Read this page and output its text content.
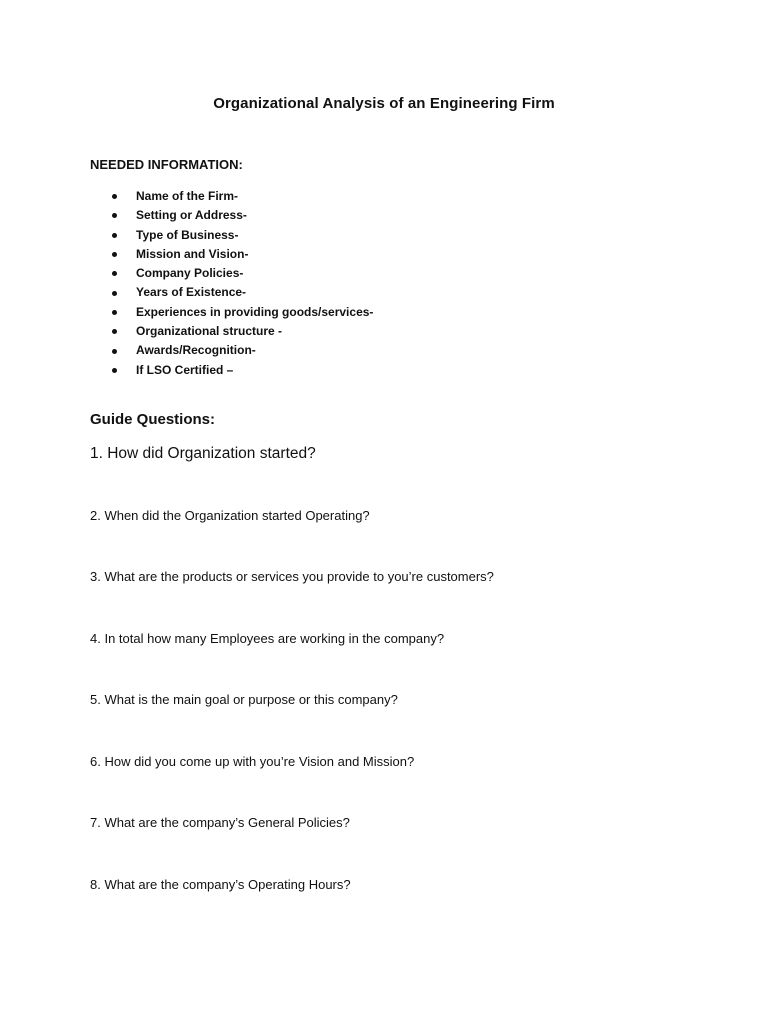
Organizational Analysis of an Engineering Firm
NEEDED INFORMATION:
Name of the Firm-
Setting or Address-
Type of Business-
Mission and Vision-
Company Policies-
Years of Existence-
Experiences in providing goods/services-
Organizational structure -
Awards/Recognition-
If LSO Certified –
Guide Questions:
1. How did Organization started?
2. When did the Organization started Operating?
3. What are the products or services you provide to you’re customers?
4. In total how many Employees are working in the company?
5. What is the main goal or purpose or this company?
6. How did you come up with you’re Vision and Mission?
7. What are the company’s General Policies?
8. What are the company’s Operating Hours?
